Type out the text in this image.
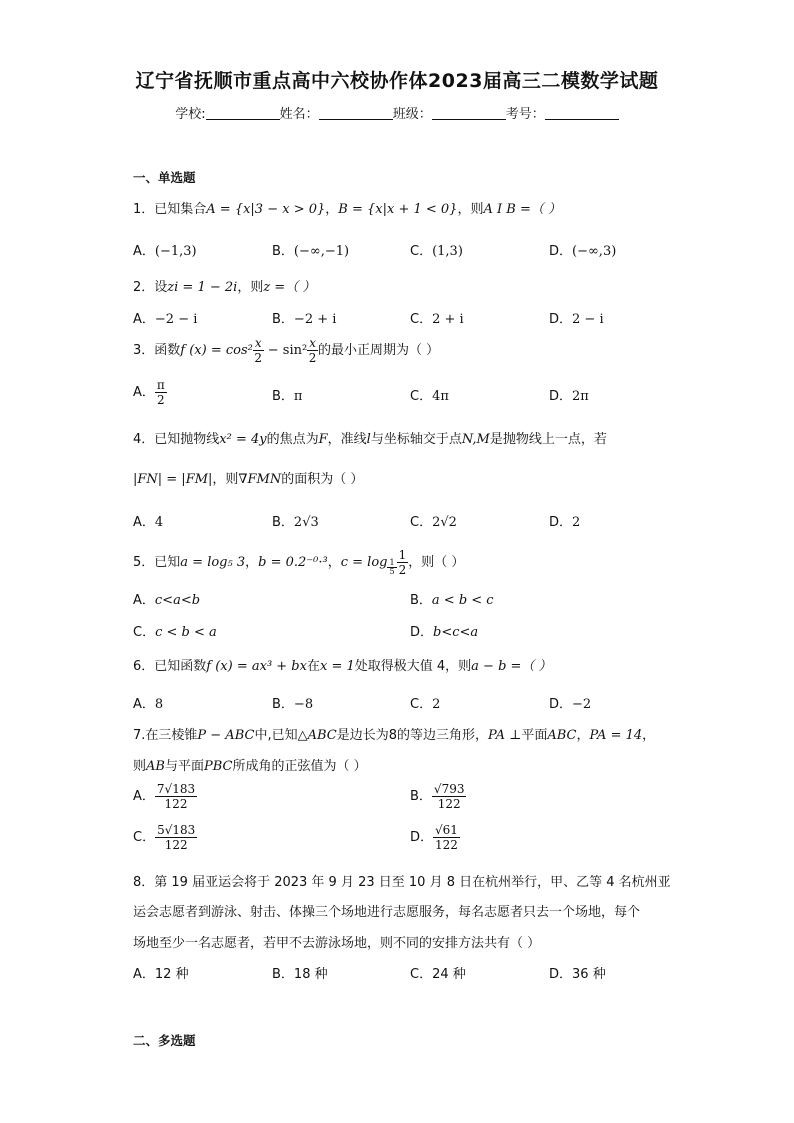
辽宁省抚顺市重点高中六校协作体2023届高三二模数学试题
学校:	姓名：	班级：	考号：
一、单选题
1．已知集合A = {x|3 − x > 0}，B = {x|x + 1 < 0}，则A I B =（ ）
A．(−1,3)	B．(−∞,−1)	C．(1,3)	D．(−∞,3)
2．设zi = 1 − 2i，则z =（ ）
A．−2 − i	B．−2 + i	C．2 + i	D．2 − i
3．函数f $(x) = \cos^2 \frac{x}{2} - \sin^2 \frac{x}{2}$ 的最小正周期为（ ）
A． $\frac{\pi}{2}$	B．π	C．4π	D．2π
4．已知抛物线x² = 4y的焦点为F，准线l与坐标轴交于点N,M是抛物线上一点，若
|FN| = |FM|，则∇FMN的面积为（ ）
A．4	B．2√3	C．2√2	D．2
5．已知a = log₅ 3，b = 0.2⁻⁰·³，$c = \log \frac{1}{5} \frac{1}{2}$ ，则（ ）
A．c<a<b	B．a < b < c
C．c < b < a	D．b<c<a
6．已知函数f (x) = ax³ + bx在x = 1处取得极大值 4，则a − b =（ ）
A．8	B．−8	C．2	D．−2
7.在三棱锥P − ABC中,已知△ABC是边长为8的等边三角形，PA ⊥平面ABC，PA = 14，
则AB与平面PBC所成角的正弦值为（ ）
A． $\frac{7√183}{122}$	B． $\frac{√793}{122}$
C． $\frac{5√183}{122}$	D． $\frac{√61}{122}$
8．第 19 届亚运会将于 2023 年 9 月 23 日至 10 月 8 日在杭州举行，甲、乙等 4 名杭州亚
运会志愿者到游泳、射击、体操三个场地进行志愿服务，每名志愿者只去一个场地，每个
场地至少一名志愿者，若甲不去游泳场地，则不同的安排方法共有（ ）
A．12 种	B．18 种	C．24 种	D．36 种
二、多选题
